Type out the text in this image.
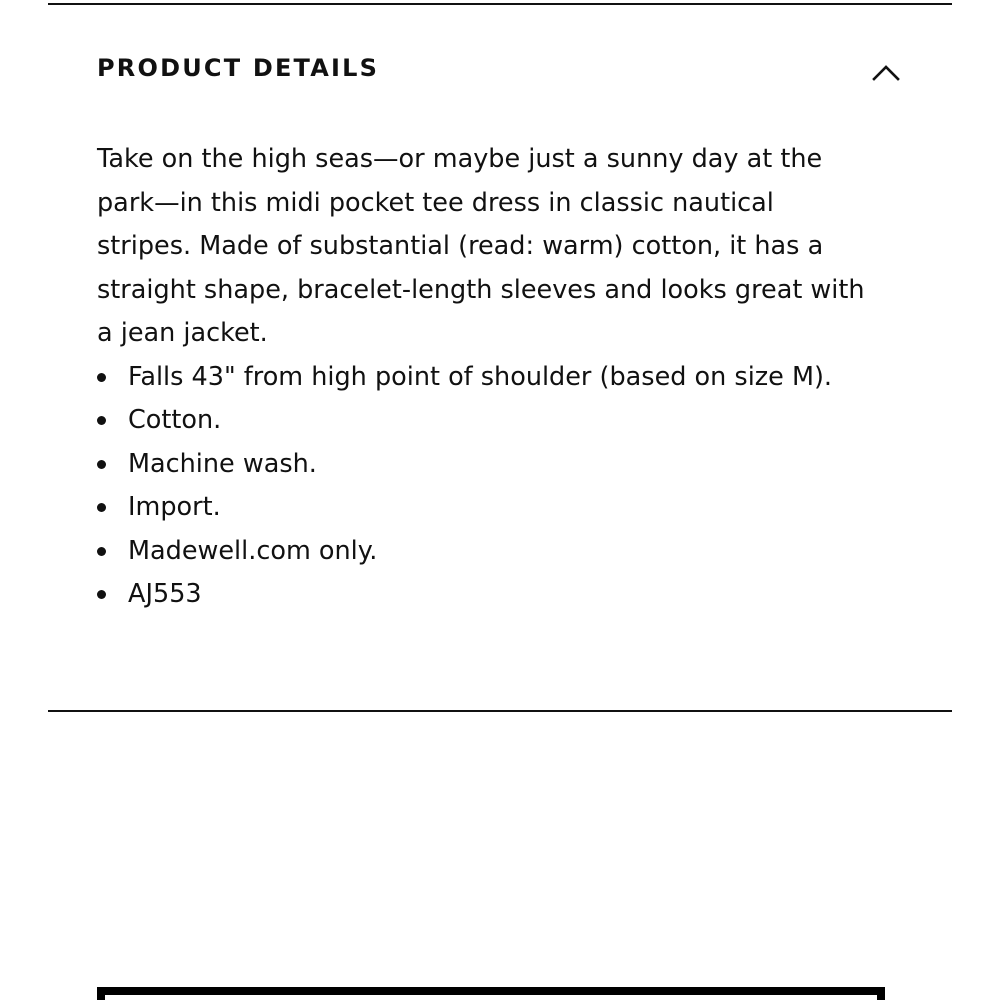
PRODUCT DETAILS

Take on the high seas—or maybe just a sunny day at the park—in this midi pocket tee dress in classic nautical stripes. Made of substantial (read: warm) cotton, it has a straight shape, bracelet-length sleeves and looks great with a jean jacket.

Falls 43" from high point of shoulder (based on size M).
Cotton.
Machine wash.
Import.
Madewell.com only.
AJ553
